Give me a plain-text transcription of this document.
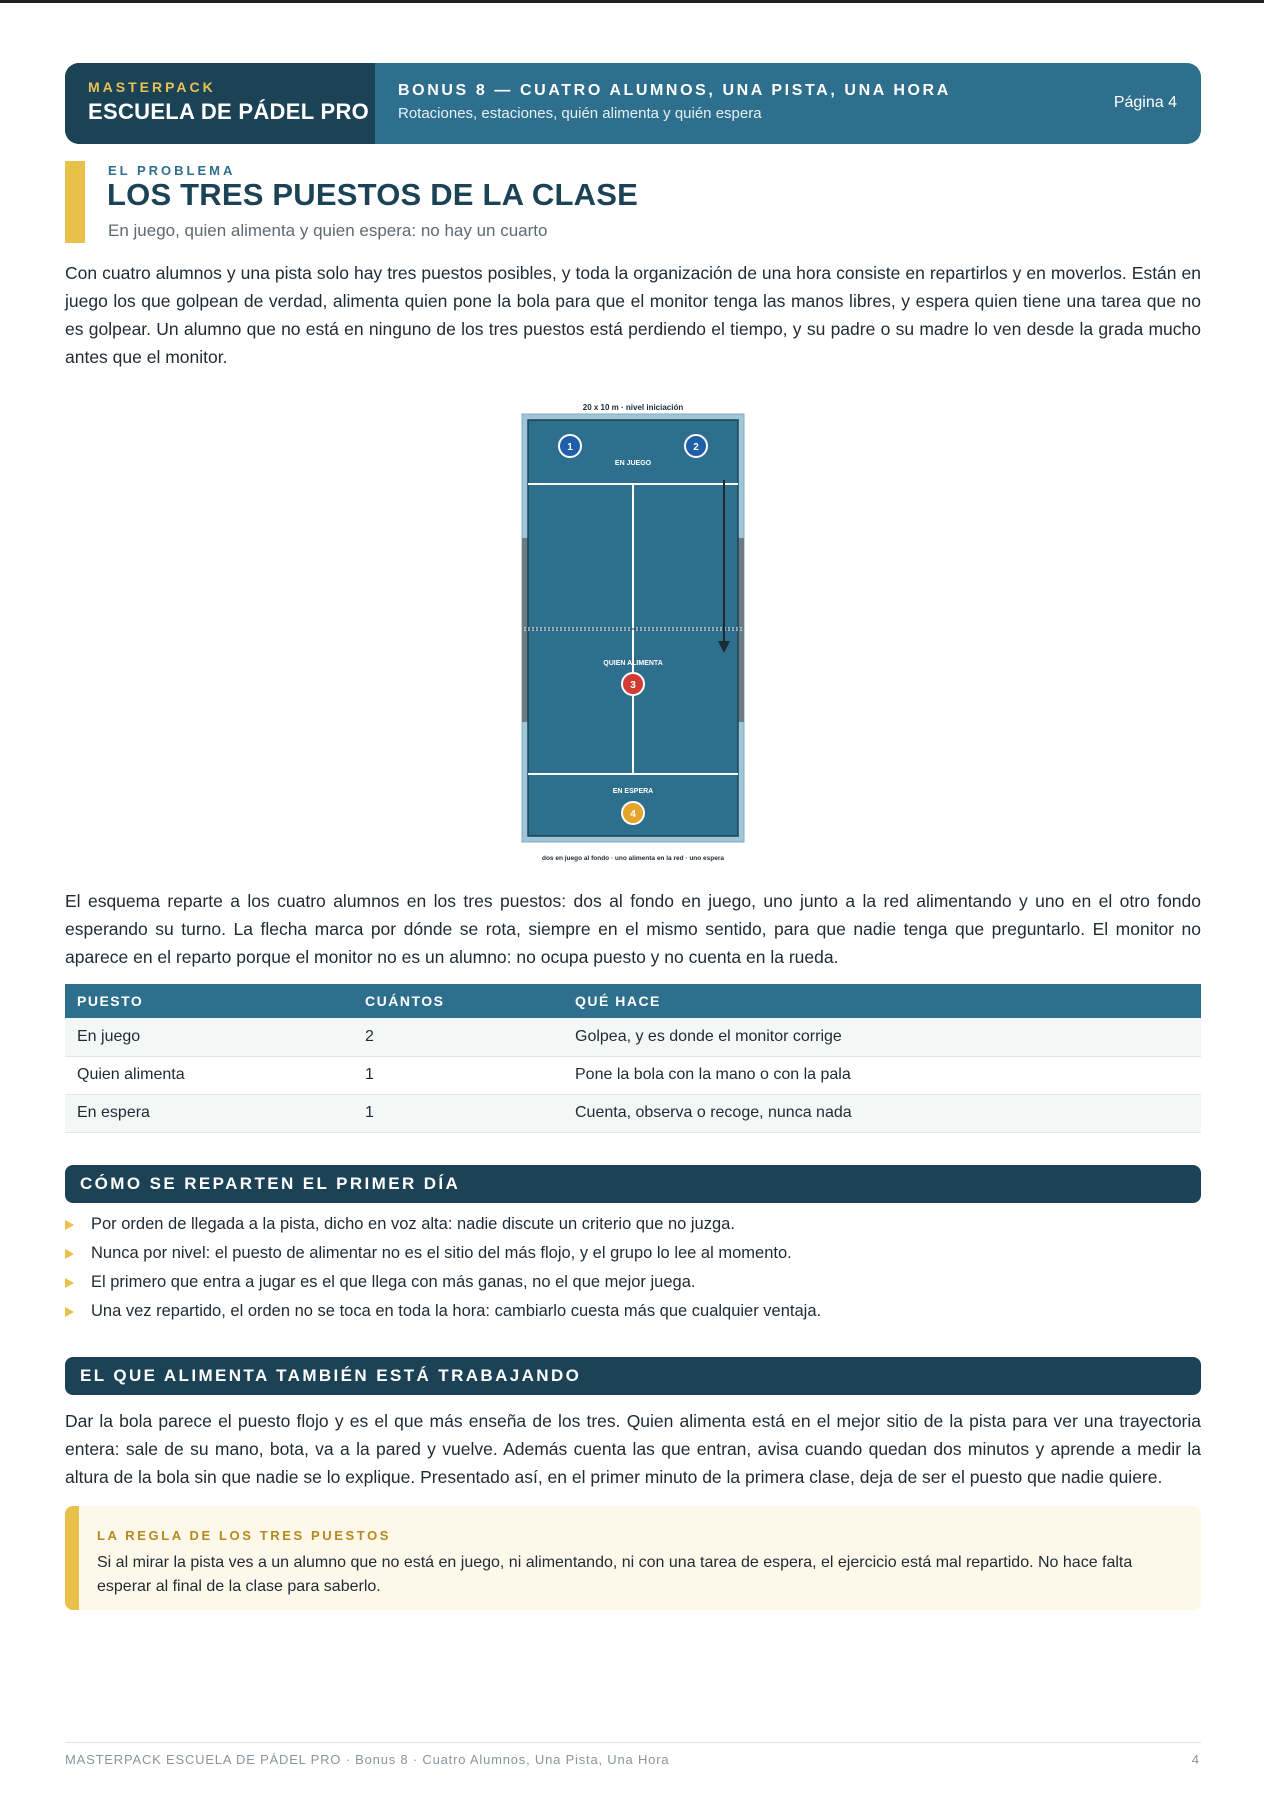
MASTERPACK
ESCUELA DE PÁDEL PRO
BONUS 8 — CUATRO ALUMNOS, UNA PISTA, UNA HORA
Rotaciones, estaciones, quién alimenta y quién espera
Página 4
EL PROBLEMA
LOS TRES PUESTOS DE LA CLASE
En juego, quien alimenta y quien espera: no hay un cuarto

Con cuatro alumnos y una pista solo hay tres puestos posibles, y toda la organización de una hora consiste en repartirlos y en moverlos. Están en juego los que golpean de verdad, alimenta quien pone la bola para que el monitor tenga las manos libres, y espera quien tiene una tarea que no es golpear. Un alumno que no está en ninguno de los tres puestos está perdiendo el tiempo, y su padre o su madre lo ven desde la grada mucho antes que el monitor.

20 x 10 m · nivel iniciación
EN JUEGO
QUIEN ALIMENTA
EN ESPERA
1	2
3
4
dos en juego al fondo · uno alimenta en la red · uno espera

El esquema reparte a los cuatro alumnos en los tres puestos: dos al fondo en juego, uno junto a la red alimentando y uno en el otro fondo esperando su turno. La flecha marca por dónde se rota, siempre en el mismo sentido, para que nadie tenga que preguntarlo. El monitor no aparece en el reparto porque el monitor no es un alumno: no ocupa puesto y no cuenta en la rueda.

PUESTO	CUÁNTOS	QUÉ HACE
En juego	2	Golpea, y es donde el monitor corrige
Quien alimenta	1	Pone la bola con la mano o con la pala
En espera	1	Cuenta, observa o recoge, nunca nada
CÓMO SE REPARTEN EL PRIMER DÍA
Por orden de llegada a la pista, dicho en voz alta: nadie discute un criterio que no juzga.
Nunca por nivel: el puesto de alimentar no es el sitio del más flojo, y el grupo lo lee al momento.
El primero que entra a jugar es el que llega con más ganas, no el que mejor juega.
Una vez repartido, el orden no se toca en toda la hora: cambiarlo cuesta más que cualquier ventaja.
EL QUE ALIMENTA TAMBIÉN ESTÁ TRABAJANDO

Dar la bola parece el puesto flojo y es el que más enseña de los tres. Quien alimenta está en el mejor sitio de la pista para ver una trayectoria entera: sale de su mano, bota, va a la pared y vuelve. Además cuenta las que entran, avisa cuando quedan dos minutos y aprende a medir la altura de la bola sin que nadie se lo explique. Presentado así, en el primer minuto de la primera clase, deja de ser el puesto que nadie quiere.

LA REGLA DE LOS TRES PUESTOS
Si al mirar la pista ves a un alumno que no está en juego, ni alimentando, ni con una tarea de espera, el ejercicio está mal repartido. No hace falta esperar al final de la clase para saberlo.
MASTERPACK ESCUELA DE PÁDEL PRO · Bonus 8 · Cuatro Alumnos, Una Pista, Una Hora	4
